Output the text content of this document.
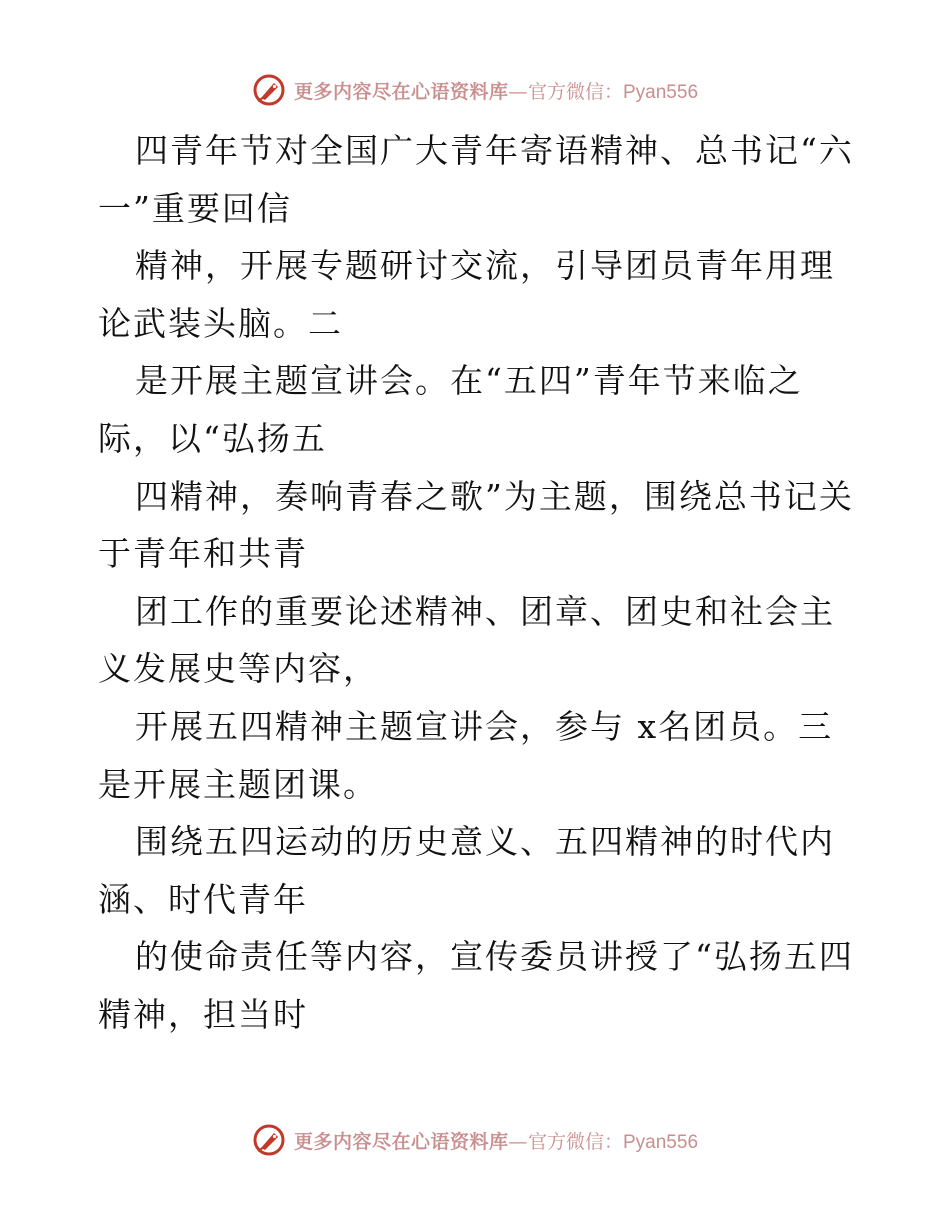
更多内容尽在心语资料库—官方微信：Pyan556

四青年节对全国广大青年寄语精神、总书记“六一”重要回信

精神，开展专题研讨交流，引导团员青年用理论武装头脑。二

是开展主题宣讲会。在“五四”青年节来临之际，以“弘扬五

四精神，奏响青春之歌”为主题，围绕总书记关于青年和共青

团工作的重要论述精神、团章、团史和社会主义发展史等内容，

开展五四精神主题宣讲会，参与 x名团员。三是开展主题团课。

围绕五四运动的历史意义、五四精神的时代内涵、时代青年

的使命责任等内容，宣传委员讲授了“弘扬五四精神，担当时

更多内容尽在心语资料库—官方微信：Pyan556
